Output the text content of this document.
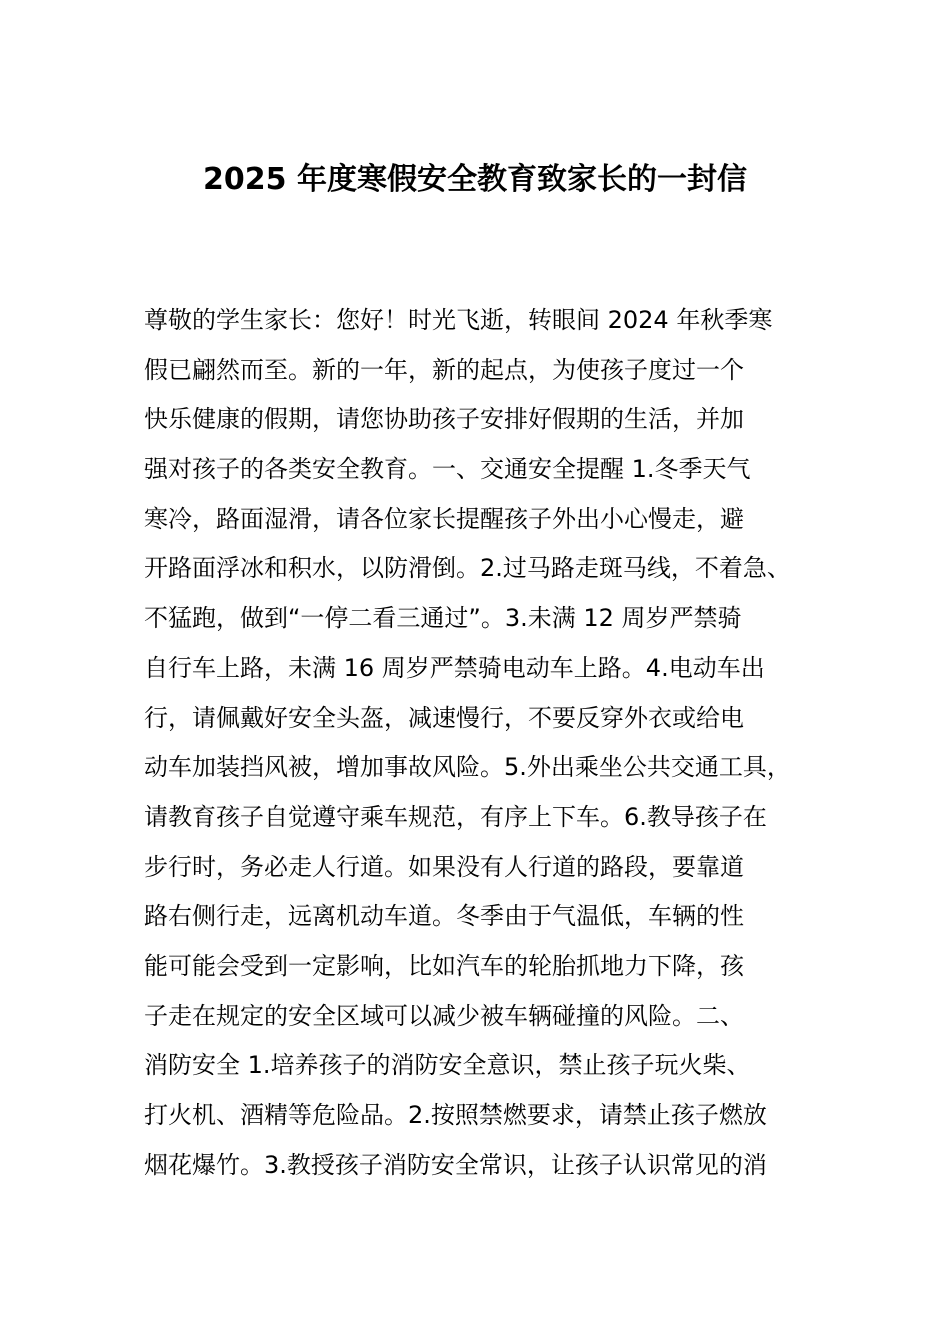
2025 年度寒假安全教育致家长的一封信
尊敬的学生家长：您好！时光飞逝，转眼间 2024 年秋季寒
假已翩然而至。新的一年，新的起点，为使孩子度过一个
快乐健康的假期，请您协助孩子安排好假期的生活，并加
强对孩子的各类安全教育。一、交通安全提醒 1.冬季天气
寒冷，路面湿滑，请各位家长提醒孩子外出小心慢走，避
开路面浮冰和积水，以防滑倒。2.过马路走斑马线，不着急、
不猛跑，做到“一停二看三通过”。3.未满 12 周岁严禁骑
自行车上路，未满 16 周岁严禁骑电动车上路。4.电动车出
行，请佩戴好安全头盔，减速慢行，不要反穿外衣或给电
动车加装挡风被，增加事故风险。5.外出乘坐公共交通工具，
请教育孩子自觉遵守乘车规范，有序上下车。6.教导孩子在
步行时，务必走人行道。如果没有人行道的路段，要靠道
路右侧行走，远离机动车道。冬季由于气温低，车辆的性
能可能会受到一定影响，比如汽车的轮胎抓地力下降，孩
子走在规定的安全区域可以减少被车辆碰撞的风险。二、
消防安全 1.培养孩子的消防安全意识，禁止孩子玩火柴、
打火机、酒精等危险品。2.按照禁燃要求，请禁止孩子燃放
烟花爆竹。3.教授孩子消防安全常识，让孩子认识常见的消
